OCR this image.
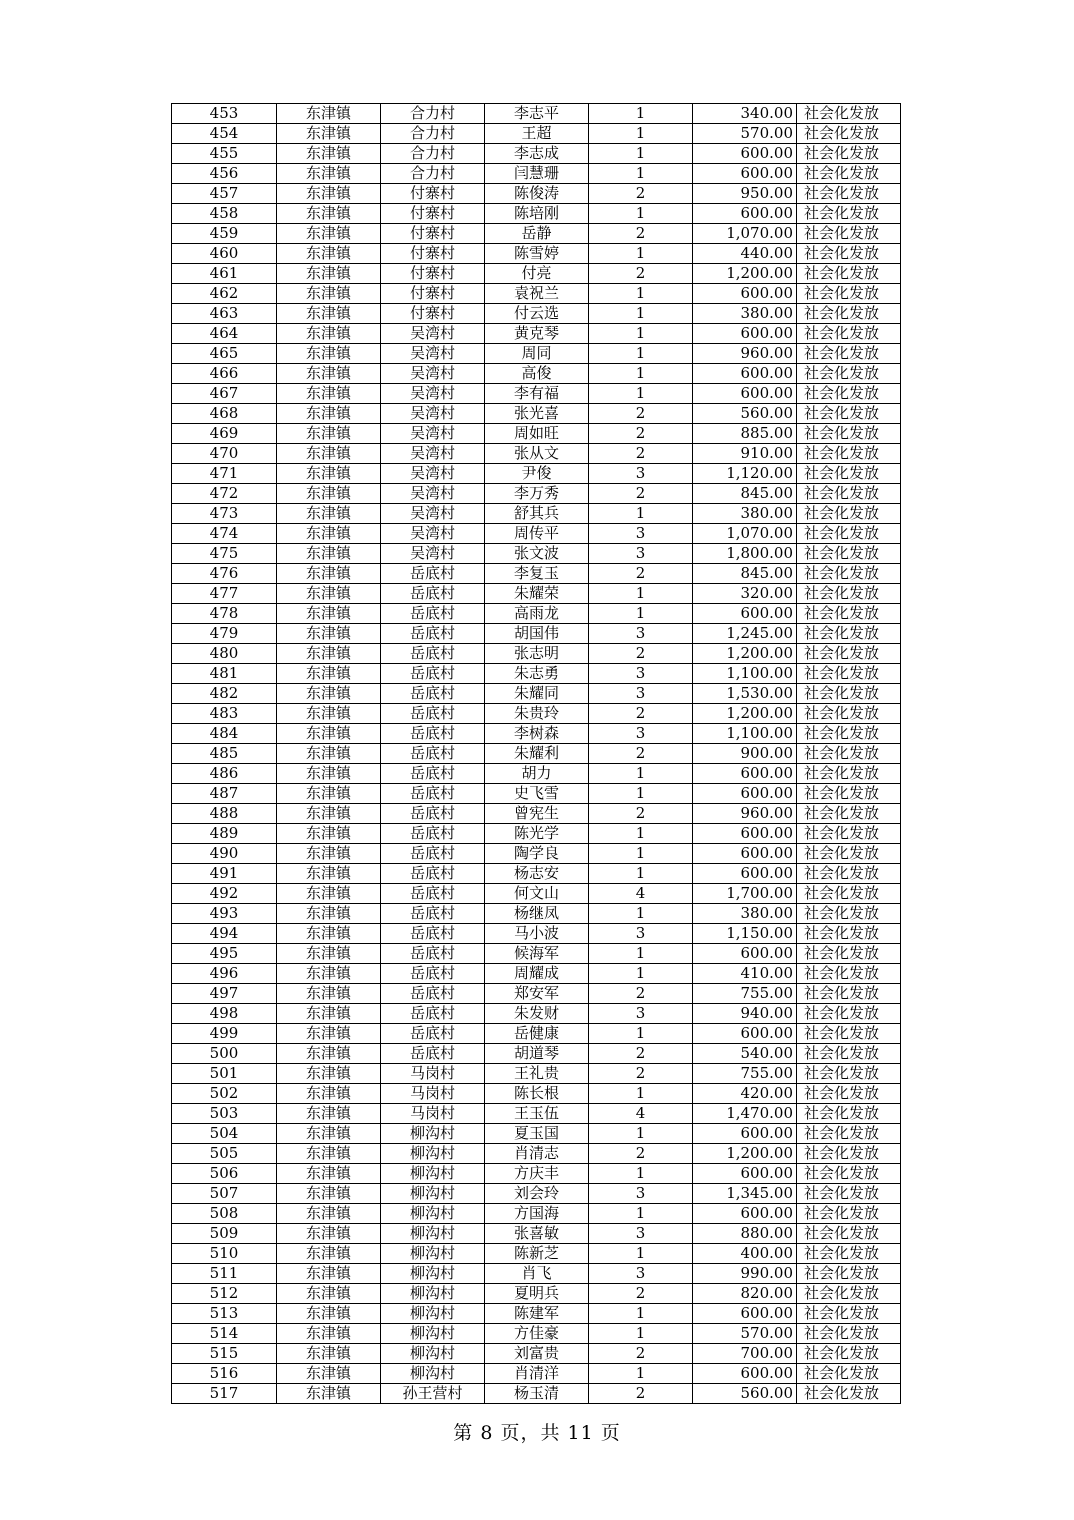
453	东津镇	合力村	李志平	1	340.00	社会化发放
454	东津镇	合力村	王超	1	570.00	社会化发放
455	东津镇	合力村	李志成	1	600.00	社会化发放
456	东津镇	合力村	闫慧珊	1	600.00	社会化发放
457	东津镇	付寨村	陈俊涛	2	950.00	社会化发放
458	东津镇	付寨村	陈培刚	1	600.00	社会化发放
459	东津镇	付寨村	岳静	2	1,070.00	社会化发放
460	东津镇	付寨村	陈雪婷	1	440.00	社会化发放
461	东津镇	付寨村	付亮	2	1,200.00	社会化发放
462	东津镇	付寨村	袁祝兰	1	600.00	社会化发放
463	东津镇	付寨村	付云选	1	380.00	社会化发放
464	东津镇	吴湾村	黄克琴	1	600.00	社会化发放
465	东津镇	吴湾村	周同	1	960.00	社会化发放
466	东津镇	吴湾村	高俊	1	600.00	社会化发放
467	东津镇	吴湾村	李有福	1	600.00	社会化发放
468	东津镇	吴湾村	张光喜	2	560.00	社会化发放
469	东津镇	吴湾村	周如旺	2	885.00	社会化发放
470	东津镇	吴湾村	张从文	2	910.00	社会化发放
471	东津镇	吴湾村	尹俊	3	1,120.00	社会化发放
472	东津镇	吴湾村	李万秀	2	845.00	社会化发放
473	东津镇	吴湾村	舒其兵	1	380.00	社会化发放
474	东津镇	吴湾村	周传平	3	1,070.00	社会化发放
475	东津镇	吴湾村	张文波	3	1,800.00	社会化发放
476	东津镇	岳底村	李复玉	2	845.00	社会化发放
477	东津镇	岳底村	朱耀荣	1	320.00	社会化发放
478	东津镇	岳底村	高雨龙	1	600.00	社会化发放
479	东津镇	岳底村	胡国伟	3	1,245.00	社会化发放
480	东津镇	岳底村	张志明	2	1,200.00	社会化发放
481	东津镇	岳底村	朱志勇	3	1,100.00	社会化发放
482	东津镇	岳底村	朱耀同	3	1,530.00	社会化发放
483	东津镇	岳底村	朱贵玲	2	1,200.00	社会化发放
484	东津镇	岳底村	李树森	3	1,100.00	社会化发放
485	东津镇	岳底村	朱耀利	2	900.00	社会化发放
486	东津镇	岳底村	胡力	1	600.00	社会化发放
487	东津镇	岳底村	史飞雪	1	600.00	社会化发放
488	东津镇	岳底村	曾宪生	2	960.00	社会化发放
489	东津镇	岳底村	陈光学	1	600.00	社会化发放
490	东津镇	岳底村	陶学良	1	600.00	社会化发放
491	东津镇	岳底村	杨志安	1	600.00	社会化发放
492	东津镇	岳底村	何文山	4	1,700.00	社会化发放
493	东津镇	岳底村	杨继凤	1	380.00	社会化发放
494	东津镇	岳底村	马小波	3	1,150.00	社会化发放
495	东津镇	岳底村	候海军	1	600.00	社会化发放
496	东津镇	岳底村	周耀成	1	410.00	社会化发放
497	东津镇	岳底村	郑安军	2	755.00	社会化发放
498	东津镇	岳底村	朱发财	3	940.00	社会化发放
499	东津镇	岳底村	岳健康	1	600.00	社会化发放
500	东津镇	岳底村	胡道琴	2	540.00	社会化发放
501	东津镇	马岗村	王礼贵	2	755.00	社会化发放
502	东津镇	马岗村	陈长根	1	420.00	社会化发放
503	东津镇	马岗村	王玉伍	4	1,470.00	社会化发放
504	东津镇	柳沟村	夏玉国	1	600.00	社会化发放
505	东津镇	柳沟村	肖清志	2	1,200.00	社会化发放
506	东津镇	柳沟村	方庆丰	1	600.00	社会化发放
507	东津镇	柳沟村	刘会玲	3	1,345.00	社会化发放
508	东津镇	柳沟村	方国海	1	600.00	社会化发放
509	东津镇	柳沟村	张喜敏	3	880.00	社会化发放
510	东津镇	柳沟村	陈新芝	1	400.00	社会化发放
511	东津镇	柳沟村	肖飞	3	990.00	社会化发放
512	东津镇	柳沟村	夏明兵	2	820.00	社会化发放
513	东津镇	柳沟村	陈建军	1	600.00	社会化发放
514	东津镇	柳沟村	方佳豪	1	570.00	社会化发放
515	东津镇	柳沟村	刘富贵	2	700.00	社会化发放
516	东津镇	柳沟村	肖清洋	1	600.00	社会化发放
517	东津镇	孙王营村	杨玉清	2	560.00	社会化发放
第 8 页，共 11 页
